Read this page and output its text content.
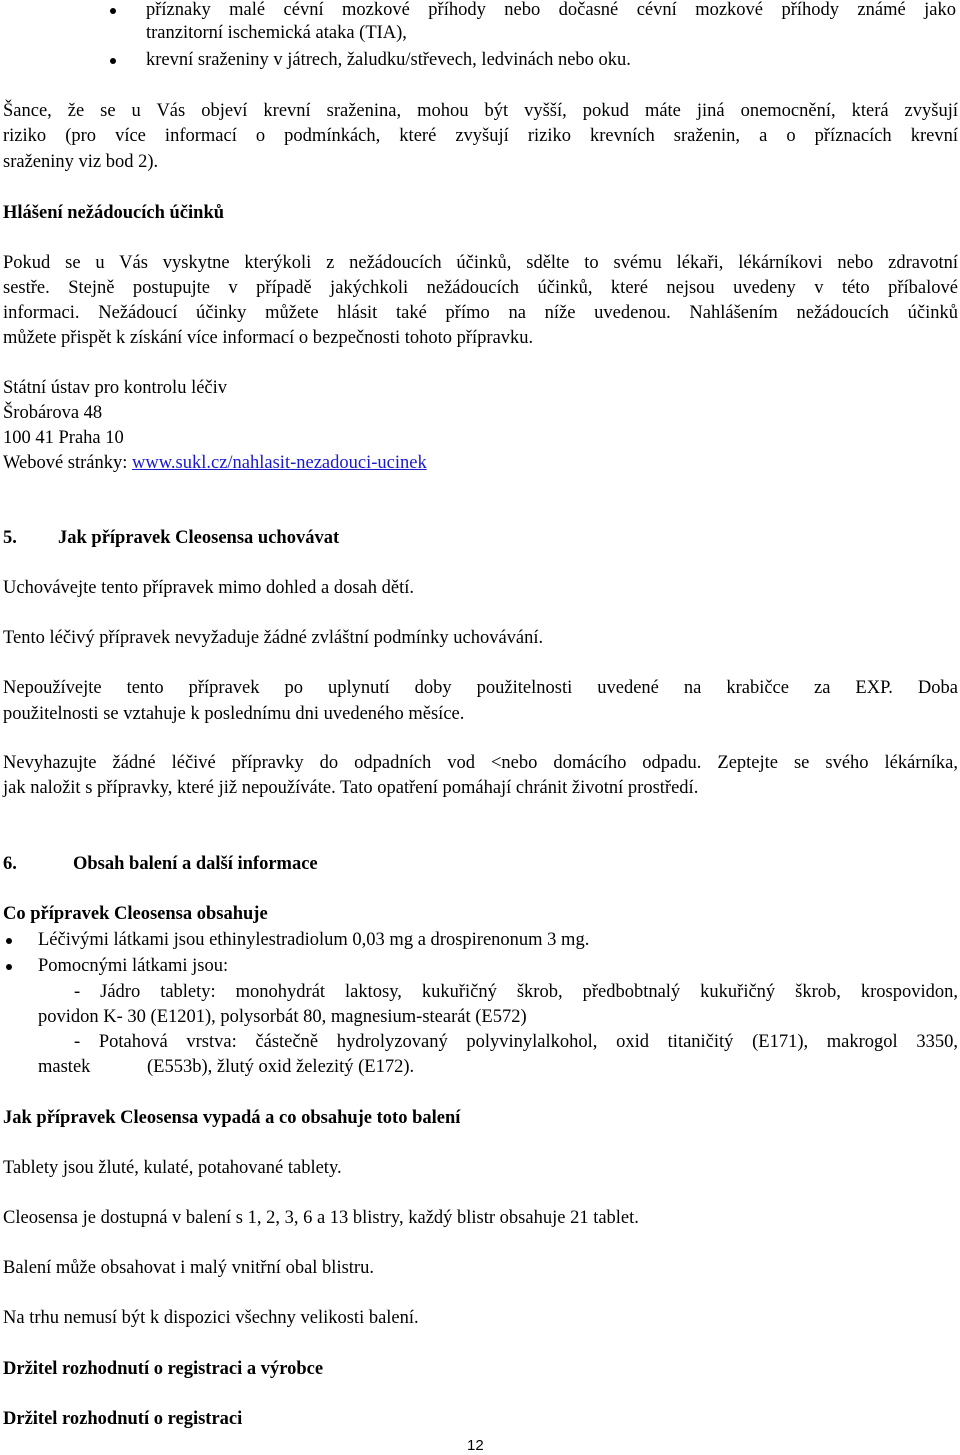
příznaky malé cévní mozkové příhody nebo dočasné cévní mozkové příhody známé jako
tranzitorní ischemická ataka (TIA),
krevní sraženiny v játrech, žaludku/střevech, ledvinách nebo oku.
Šance, že se u Vás objeví krevní sraženina, mohou být vyšší, pokud máte jiná onemocnění, která zvyšují
riziko (pro více informací o podmínkách, které zvyšují riziko krevních sraženin, a o příznacích krevní
sraženiny viz bod 2).
Hlášení nežádoucích účinků
Pokud se u Vás vyskytne kterýkoli z nežádoucích účinků, sdělte to svému lékaři, lékárníkovi nebo zdravotní
sestře. Stejně postupujte v případě jakýchkoli nežádoucích účinků, které nejsou uvedeny v této příbalové
informaci. Nežádoucí účinky můžete hlásit také přímo na níže uvedenou. Nahlášením nežádoucích účinků
můžete přispět k získání více informací o bezpečnosti tohoto přípravku.
Státní ústav pro kontrolu léčiv
Šrobárova 48
100 41 Praha 10
Webové stránky: www.sukl.cz/nahlasit-nezadouci-ucinek
5. Jak přípravek Cleosensa uchovávat
Uchovávejte tento přípravek mimo dohled a dosah dětí.
Tento léčivý přípravek nevyžaduje žádné zvláštní podmínky uchovávání.
Nepoužívejte tento přípravek po uplynutí doby použitelnosti uvedené na krabičce za EXP. Doba
použitelnosti se vztahuje k poslednímu dni uvedeného měsíce.
Nevyhazujte žádné léčivé přípravky do odpadních vod <nebo domácího odpadu. Zeptejte se svého lékárníka,
jak naložit s přípravky, které již nepoužíváte. Tato opatření pomáhají chránit životní prostředí.
6.	Obsah balení a další informace
Co přípravek Cleosensa obsahuje
Léčivými látkami jsou ethinylestradiolum 0,03 mg a drospirenonum 3 mg.
Pomocnými látkami jsou:
- Jádro tablety: monohydrát laktosy, kukuřičný škrob, předbobtnalý kukuřičný škrob, krospovidon,
povidon K- 30 (E1201), polysorbát 80, magnesium-stearát (E572)
- Potahová vrstva: částečně hydrolyzovaný polyvinylalkohol, oxid titaničitý (E171), makrogol 3350,
mastek	(E553b), žlutý oxid železitý (E172).
Jak přípravek Cleosensa vypadá a co obsahuje toto balení
Tablety jsou žluté, kulaté, potahované tablety.
Cleosensa je dostupná v balení s 1, 2, 3, 6 a 13 blistry, každý blistr obsahuje 21 tablet.
Balení může obsahovat i malý vnitřní obal blistru.
Na trhu nemusí být k dispozici všechny velikosti balení.
Držitel rozhodnutí o registraci a výrobce
Držitel rozhodnutí o registraci
12
